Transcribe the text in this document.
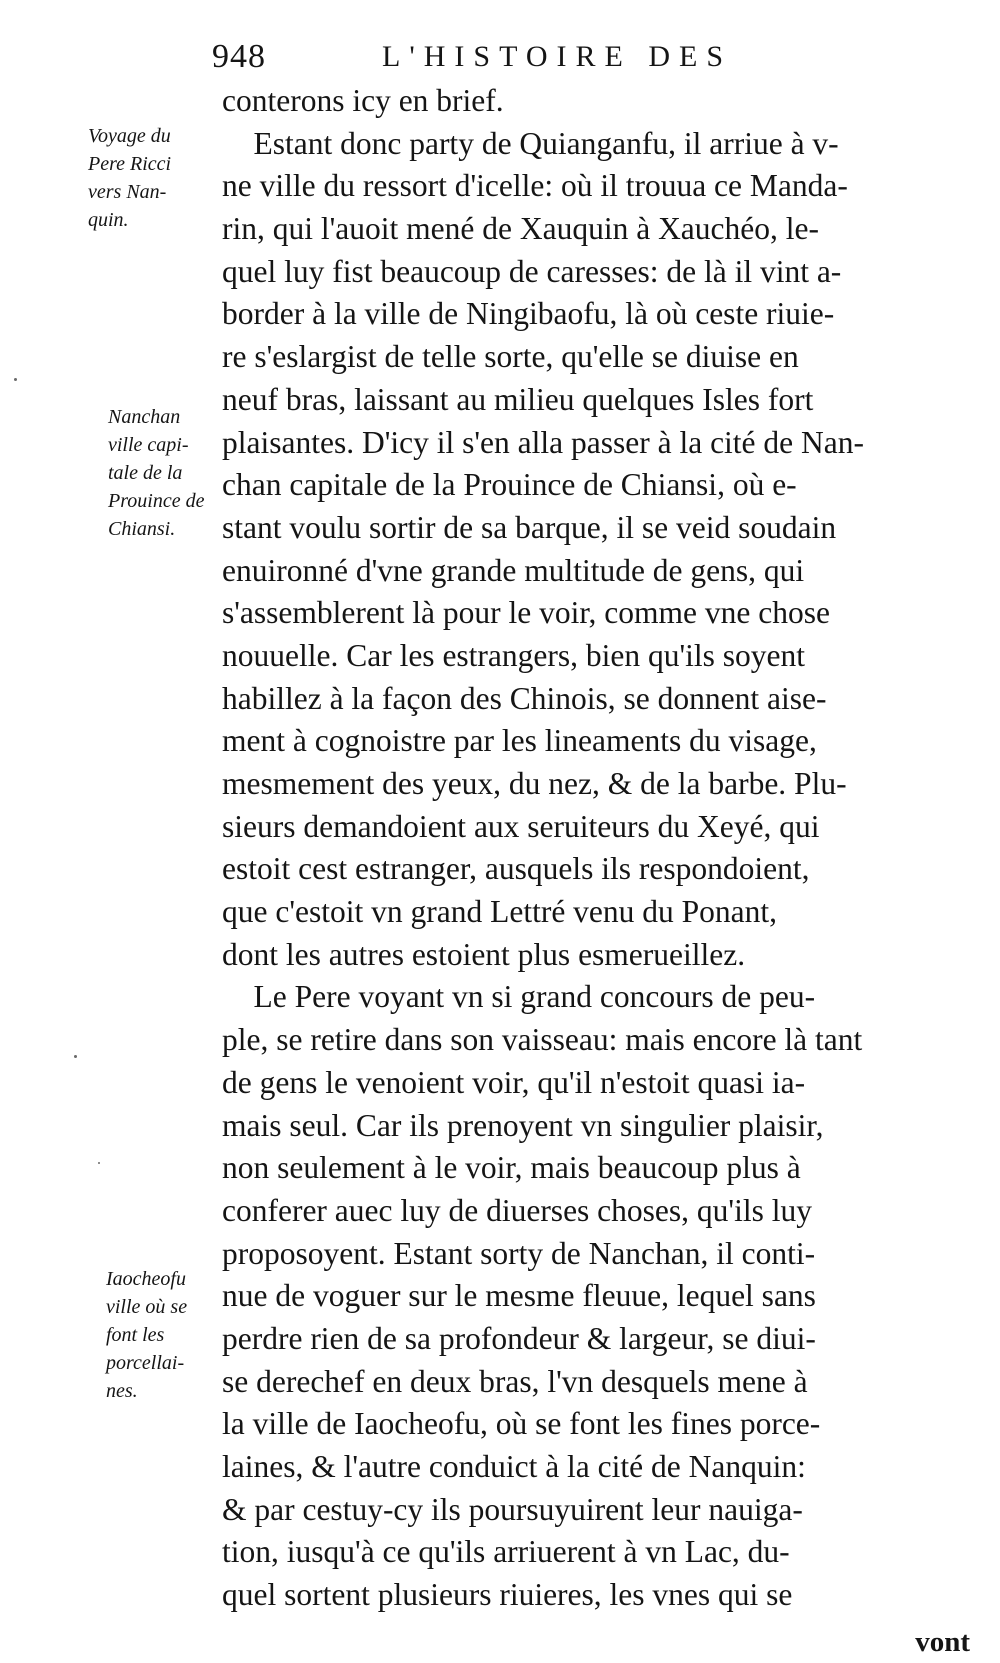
948	L'HISTOIRE DES
Voyage du
Pere Ricci
vers Nan-
quin.
Nanchan
ville capi-
tale de la
Prouince de
Chiansi.
Iaocheofu
ville où se
font les
porcellai-
nes.
conterons icy en brief.
Estant donc party de Quianganfu, il arriue à v-
ne ville du ressort d'icelle: où il trouua ce Manda-
rin, qui l'auoit mené de Xauquin à Xauchéo, le-
quel luy fist beaucoup de caresses: de là il vint a-
border à la ville de Ningibaofu, là où ceste riuie-
re s'eslargist de telle sorte, qu'elle se diuise en
neuf bras, laissant au milieu quelques Isles fort
plaisantes. D'icy il s'en alla passer à la cité de Nan-
chan capitale de la Prouince de Chiansi, où e-
stant voulu sortir de sa barque, il se veid soudain
enuironné d'vne grande multitude de gens, qui
s'assemblerent là pour le voir, comme vne chose
nouuelle. Car les estrangers, bien qu'ils soyent
habillez à la façon des Chinois, se donnent aise-
ment à cognoistre par les lineaments du visage,
mesmement des yeux, du nez, & de la barbe. Plu-
sieurs demandoient aux seruiteurs du Xeyé, qui
estoit cest estranger, ausquels ils respondoient,
que c'estoit vn grand Lettré venu du Ponant,
dont les autres estoient plus esmerueillez.
Le Pere voyant vn si grand concours de peu-
ple, se retire dans son vaisseau: mais encore là tant
de gens le venoient voir, qu'il n'estoit quasi ia-
mais seul. Car ils prenoyent vn singulier plaisir,
non seulement à le voir, mais beaucoup plus à
conferer auec luy de diuerses choses, qu'ils luy
proposoyent. Estant sorty de Nanchan, il conti-
nue de voguer sur le mesme fleuue, lequel sans
perdre rien de sa profondeur & largeur, se diui-
se derechef en deux bras, l'vn desquels mene à
la ville de Iaocheofu, où se font les fines porce-
laines, & l'autre conduict à la cité de Nanquin:
& par cestuy-cy ils poursuyuirent leur nauiga-
tion, iusqu'à ce qu'ils arriuerent à vn Lac, du-
quel sortent plusieurs riuieres, les vnes qui se
vont
